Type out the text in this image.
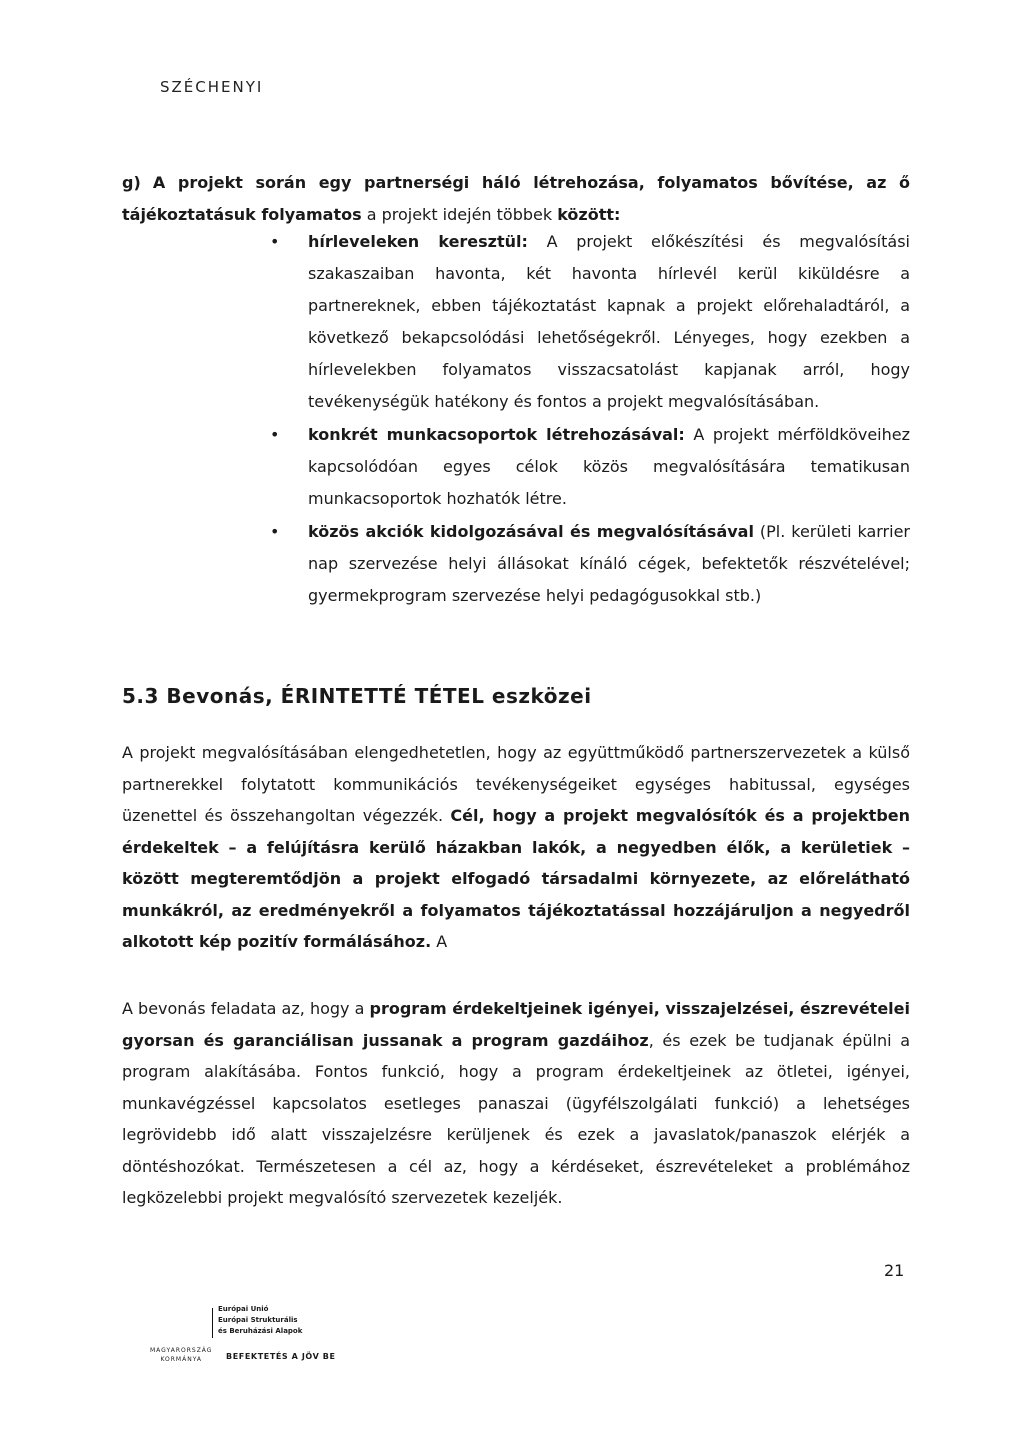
SZÉCHENYI
g) A projekt során egy partnerségi háló létrehozása, folyamatos bővítése, az ő tájékoztatásuk folyamatos a projekt idején többek között:
• hírleveleken keresztül: A projekt előkészítési és megvalósítási szakaszaiban havonta, két havonta hírlevél kerül kiküldésre a partnereknek, ebben tájékoztatást kapnak a projekt előrehaladtáról, a következő bekapcsolódási lehetőségekről. Lényeges, hogy ezekben a hírlevelekben folyamatos visszacsatolást kapjanak arról, hogy tevékenységük hatékony és fontos a projekt megvalósításában.
• konkrét munkacsoportok létrehozásával: A projekt mérföldköveihez kapcsolódóan egyes célok közös megvalósítására tematikusan munkacsoportok hozhatók létre.
• közös akciók kidolgozásával és megvalósításával (Pl. kerületi karrier nap szervezése helyi állásokat kínáló cégek, befektetők részvételével; gyermekprogram szervezése helyi pedagógusokkal stb.)
5.3 Bevonás, ÉRINTETTÉ TÉTEL eszközei
A projekt megvalósításában elengedhetetlen, hogy az együttműködő partnerszervezetek a külső partnerekkel folytatott kommunikációs tevékenységeiket egységes habitussal, egységes üzenettel és összehangoltan végezzék. Cél, hogy a projekt megvalósítók és a projektben érdekeltek – a felújításra kerülő házakban lakók, a negyedben élők, a kerületiek – között megteremtődjön a projekt elfogadó társadalmi környezete, az előrelátható munkákról, az eredményekről a folyamatos tájékoztatással hozzájáruljon a negyedről alkotott kép pozitív formálásához. A
A bevonás feladata az, hogy a program érdekeltjeinek igényei, visszajelzései, észrevételei gyorsan és garanciálisan jussanak a program gazdáihoz, és ezek be tudjanak épülni a program alakításába. Fontos funkció, hogy a program érdekeltjeinek az ötletei, igényei, munkavégzéssel kapcsolatos esetleges panaszai (ügyfélszolgálati funkció) a lehetséges legrövidebb idő alatt visszajelzésre kerüljenek és ezek a javaslatok/panaszok elérjék a döntéshozókat. Természetesen a cél az, hogy a kérdéseket, észrevételeket a problémához legközelebbi projekt megvalósító szervezetek kezeljék.
21
Európai Unió
Európai Strukturális
és Beruházási Alapok
MAGYARORSZÁG
KORMÁNYA	BEFEKTETÉS A JÖV BE
